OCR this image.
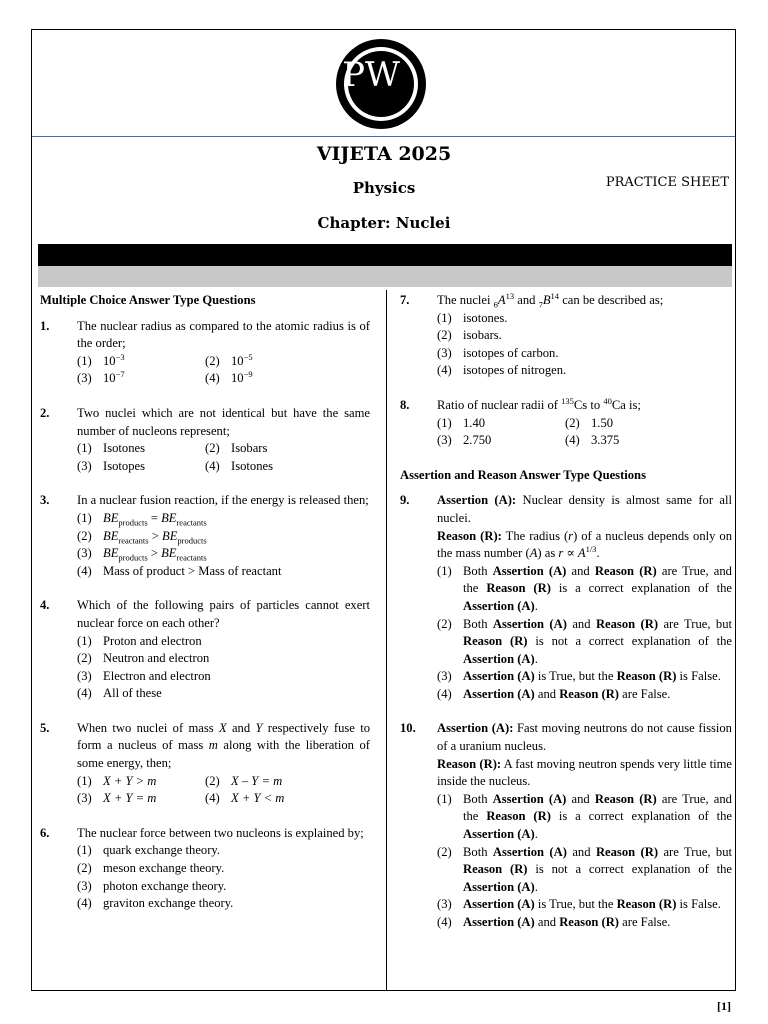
PW
VIJETA 2025
Physics
Chapter: Nuclei
PRACTICE SHEET
Multiple Choice Answer Type Questions
1.	The nuclear radius as compared to the atomic radius is of the order;
(1) $10^{-3}$	(2) $10^{-5}$
(3) $10^{-7}$	(4) $10^{-9}$
2.	Two nuclei which are not identical but have the same number of nucleons represent;
(1) Isotones	(2) Isobars
(3) Isotopes	(4) Isotones
3.	In a nuclear fusion reaction, if the energy is released then;
(1) $BE_{products} = BE_{reactants}$
(2) $BE_{reactants} > BE_{products}$
(3) $BE_{products} > BE_{reactants}$
(4) Mass of product > Mass of reactant
4.	Which of the following pairs of particles cannot exert nuclear force on each other?
(1) Proton and electron
(2) Neutron and electron
(3) Electron and electron
(4) All of these
5.	When two nuclei of mass X and Y respectively fuse to form a nucleus of mass m along with the liberation of some energy, then;
(1) X + Y > m	(2) X – Y = m
(3) X + Y = m	(4) X + Y < m
6.	The nuclear force between two nucleons is explained by;
(1) quark exchange theory.
(2) meson exchange theory.
(3) photon exchange theory.
(4) graviton exchange theory.
7.	The nuclei $_6A^{13}$ and $_7B^{14}$ can be described as;
(1) isotones.
(2) isobars.
(3) isotopes of carbon.
(4) isotopes of nitrogen.
8.	Ratio of nuclear radii of $^{135}$Cs to $^{40}$Ca is;
(1) 1.40	(2) 1.50
(3) 2.750	(4) 3.375
Assertion and Reason Answer Type Questions
9.	Assertion (A): Nuclear density is almost same for all nuclei.
Reason (R): The radius (r) of a nucleus depends only on the mass number (A) as $r \propto A^{1/3}$.
(1) Both Assertion (A) and Reason (R) are True, and the Reason (R) is a correct explanation of the Assertion (A).
(2) Both Assertion (A) and Reason (R) are True, but Reason (R) is not a correct explanation of the Assertion (A).
(3) Assertion (A) is True, but the Reason (R) is False.
(4) Assertion (A) and Reason (R) are False.
10.	Assertion (A): Fast moving neutrons do not cause fission of a uranium nucleus.
Reason (R): A fast moving neutron spends very little time inside the nucleus.
(1) Both Assertion (A) and Reason (R) are True, and the Reason (R) is a correct explanation of the Assertion (A).
(2) Both Assertion (A) and Reason (R) are True, but Reason (R) is not a correct explanation of the Assertion (A).
(3) Assertion (A) is True, but the Reason (R) is False.
(4) Assertion (A) and Reason (R) are False.
[1]
